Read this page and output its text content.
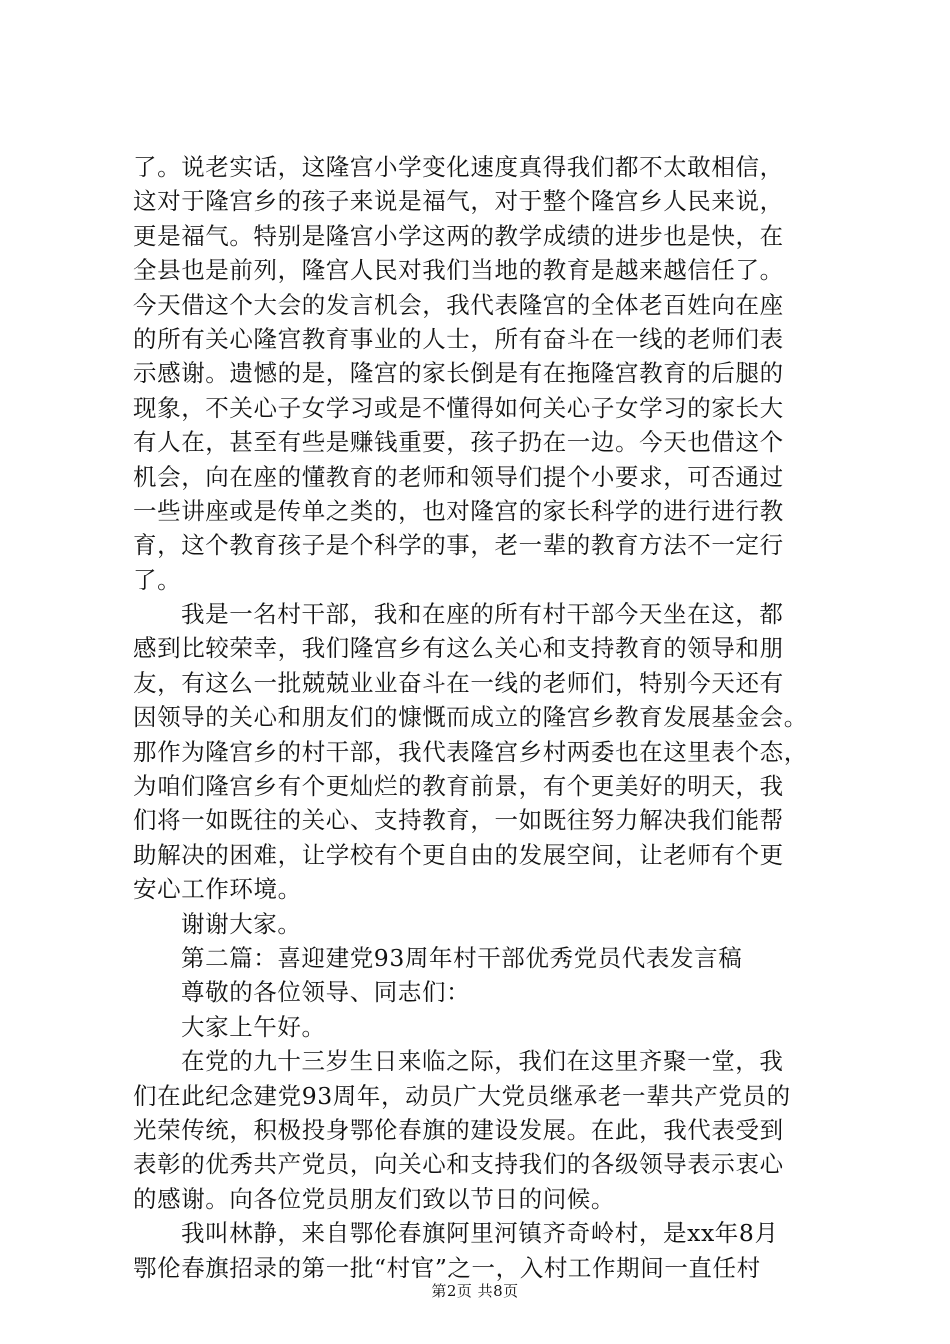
了。说老实话，这隆宫小学变化速度真得我们都不太敢相信，
这对于隆宫乡的孩子来说是福气，对于整个隆宫乡人民来说，
更是福气。特别是隆宫小学这两的教学成绩的进步也是快，在
全县也是前列，隆宫人民对我们当地的教育是越来越信任了。
今天借这个大会的发言机会，我代表隆宫的全体老百姓向在座
的所有关心隆宫教育事业的人士，所有奋斗在一线的老师们表
示感谢。遗憾的是，隆宫的家长倒是有在拖隆宫教育的后腿的
现象，不关心子女学习或是不懂得如何关心子女学习的家长大
有人在，甚至有些是赚钱重要，孩子扔在一边。今天也借这个
机会，向在座的懂教育的老师和领导们提个小要求，可否通过
一些讲座或是传单之类的，也对隆宫的家长科学的进行进行教
育，这个教育孩子是个科学的事，老一辈的教育方法不一定行
了。
我是一名村干部，我和在座的所有村干部今天坐在这，都
感到比较荣幸，我们隆宫乡有这么关心和支持教育的领导和朋
友，有这么一批兢兢业业奋斗在一线的老师们，特别今天还有
因领导的关心和朋友们的慷慨而成立的隆宫乡教育发展基金会。
那作为隆宫乡的村干部，我代表隆宫乡村两委也在这里表个态，
为咱们隆宫乡有个更灿烂的教育前景，有个更美好的明天，我
们将一如既往的关心、支持教育，一如既往努力解决我们能帮
助解决的困难，让学校有个更自由的发展空间，让老师有个更
安心工作环境。
谢谢大家。
第二篇：喜迎建党93周年村干部优秀党员代表发言稿
尊敬的各位领导、同志们：
大家上午好。
在党的九十三岁生日来临之际，我们在这里齐聚一堂，我
们在此纪念建党93周年，动员广大党员继承老一辈共产党员的
光荣传统，积极投身鄂伦春旗的建设发展。在此，我代表受到
表彰的优秀共产党员，向关心和支持我们的各级领导表示衷心
的感谢。向各位党员朋友们致以节日的问候。
我叫林静，来自鄂伦春旗阿里河镇齐奇岭村，是xx年8月
鄂伦春旗招录的第一批“村官”之一，入村工作期间一直任村
第2页 共8页
